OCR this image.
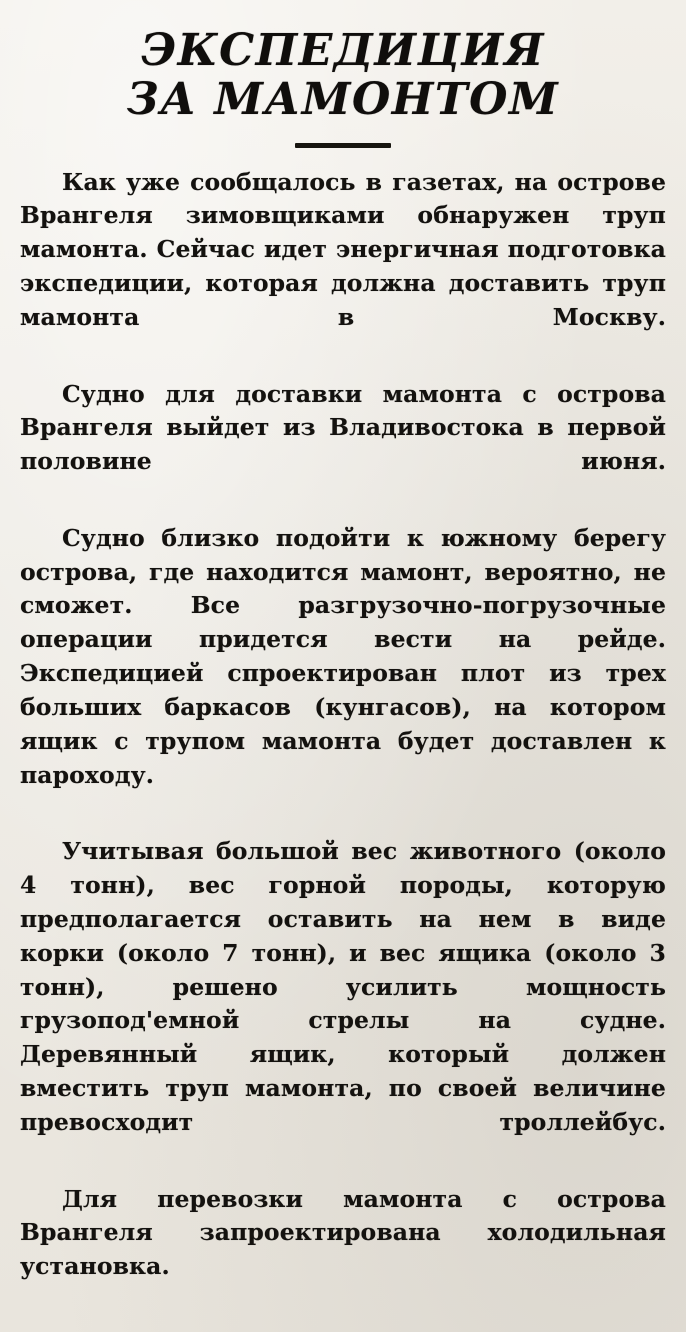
ЭКСПЕДИЦИЯ
ЗА МАМОНТОМ

Как уже сообщалось в газетах, на острове Врангеля зимовщиками обнаружен труп мамонта. Сейчас идет энергичная подготовка экспедиции, которая должна доставить труп мамонта в Москву.

Судно для доставки мамонта с острова Врангеля выйдет из Владивостока в первой половине июня.

Судно близко подойти к южному берегу острова, где находится мамонт, вероятно, не сможет. Все разгрузочно-погрузочные операции придется вести на рейде. Экспедицией спроектирован плот из трех больших баркасов (кунгасов), на котором ящик с трупом мамонта будет доставлен к пароходу.

Учитывая большой вес животного (около 4 тонн), вес горной породы, которую предполагается оставить на нем в виде корки (около 7 тонн), и вес ящика (около 3 тонн), решено усилить мощность грузопод'емной стрелы на судне. Деревянный ящик, который должен вместить труп мамонта, по своей величине превосходит троллейбус.

Для перевозки мамонта с острова Врангеля запроектирована холодильная установка.
